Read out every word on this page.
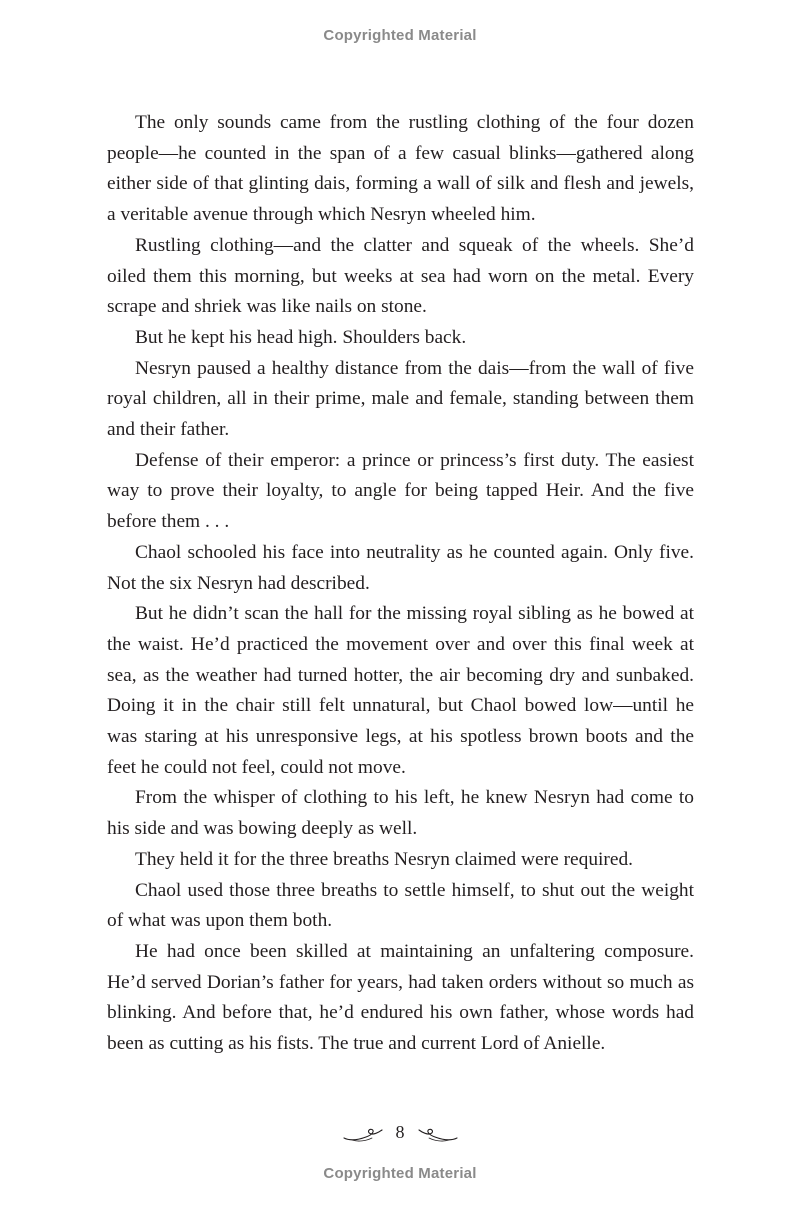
Copyrighted Material

The only sounds came from the rustling clothing of the four dozen people—he counted in the span of a few casual blinks—gathered along either side of that glinting dais, forming a wall of silk and flesh and jewels, a veritable avenue through which Nesryn wheeled him.

Rustling clothing—and the clatter and squeak of the wheels. She’d oiled them this morning, but weeks at sea had worn on the metal. Every scrape and shriek was like nails on stone.

But he kept his head high. Shoulders back.

Nesryn paused a healthy distance from the dais—from the wall of five royal children, all in their prime, male and female, standing between them and their father.

Defense of their emperor: a prince or princess’s first duty. The easiest way to prove their loyalty, to angle for being tapped Heir. And the five before them . . .

Chaol schooled his face into neutrality as he counted again. Only five. Not the six Nesryn had described.

But he didn’t scan the hall for the missing royal sibling as he bowed at the waist. He’d practiced the movement over and over this final week at sea, as the weather had turned hotter, the air becoming dry and sunbaked. Doing it in the chair still felt unnatural, but Chaol bowed low—until he was staring at his unresponsive legs, at his spotless brown boots and the feet he could not feel, could not move.

From the whisper of clothing to his left, he knew Nesryn had come to his side and was bowing deeply as well.

They held it for the three breaths Nesryn claimed were required.

Chaol used those three breaths to settle himself, to shut out the weight of what was upon them both.

He had once been skilled at maintaining an unfaltering composure. He’d served Dorian’s father for years, had taken orders without so much as blinking. And before that, he’d endured his own father, whose words had been as cutting as his fists. The true and current Lord of Anielle.

8
Copyrighted Material
